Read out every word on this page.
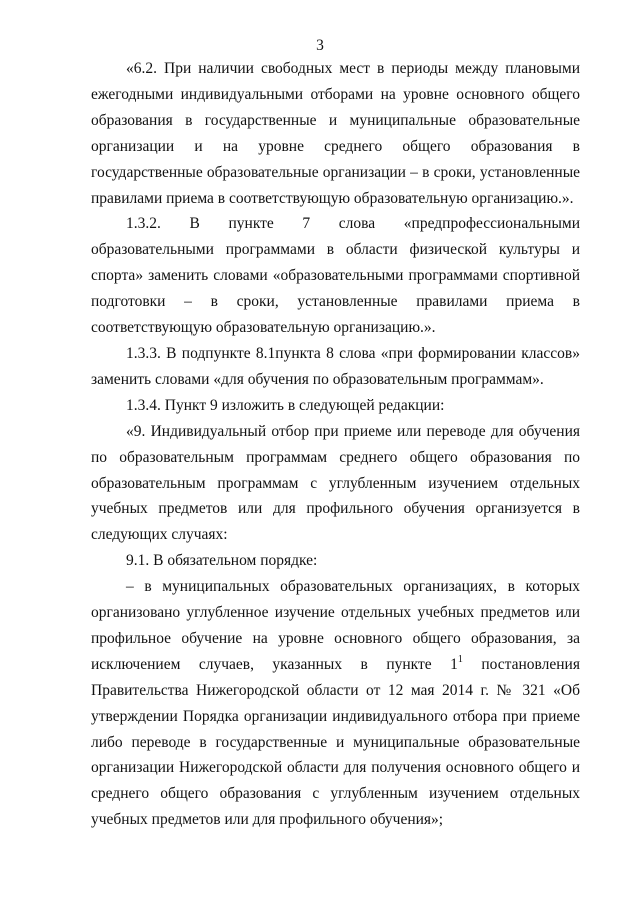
3

«6.2. При наличии свободных мест в периоды между плановыми ежегодными индивидуальными отборами на уровне основного общего образования в государственные и муниципальные образовательные организации и на уровне среднего общего образования в государственные образовательные организации – в сроки, установленные правилами приема в соответствующую образовательную организацию.».

1.3.2. В пункте 7 слова «предпрофессиональными образовательными программами в области физической культуры и спорта» заменить словами «образовательными программами спортивной подготовки – в сроки, установленные правилами приема в соответствующую образовательную организацию.».

1.3.3. В подпункте 8.1пункта 8 слова «при формировании классов» заменить словами «для обучения по образовательным программам».

1.3.4. Пункт 9 изложить в следующей редакции:

«9. Индивидуальный отбор при приеме или переводе для обучения по образовательным программам среднего общего образования по образовательным программам с углубленным изучением отдельных учебных предметов или для профильного обучения организуется в следующих случаях:

9.1. В обязательном порядке:

– в муниципальных образовательных организациях, в которых организовано углубленное изучение отдельных учебных предметов или профильное обучение на уровне основного общего образования, за исключением случаев, указанных в пункте $1^1$ постановления Правительства Нижегородской области от 12 мая 2014 г. № 321 «Об утверждении Порядка организации индивидуального отбора при приеме либо переводе в государственные и муниципальные образовательные организации Нижегородской области для получения основного общего и среднего общего образования с углубленным изучением отдельных учебных предметов или для профильного обучения»;
